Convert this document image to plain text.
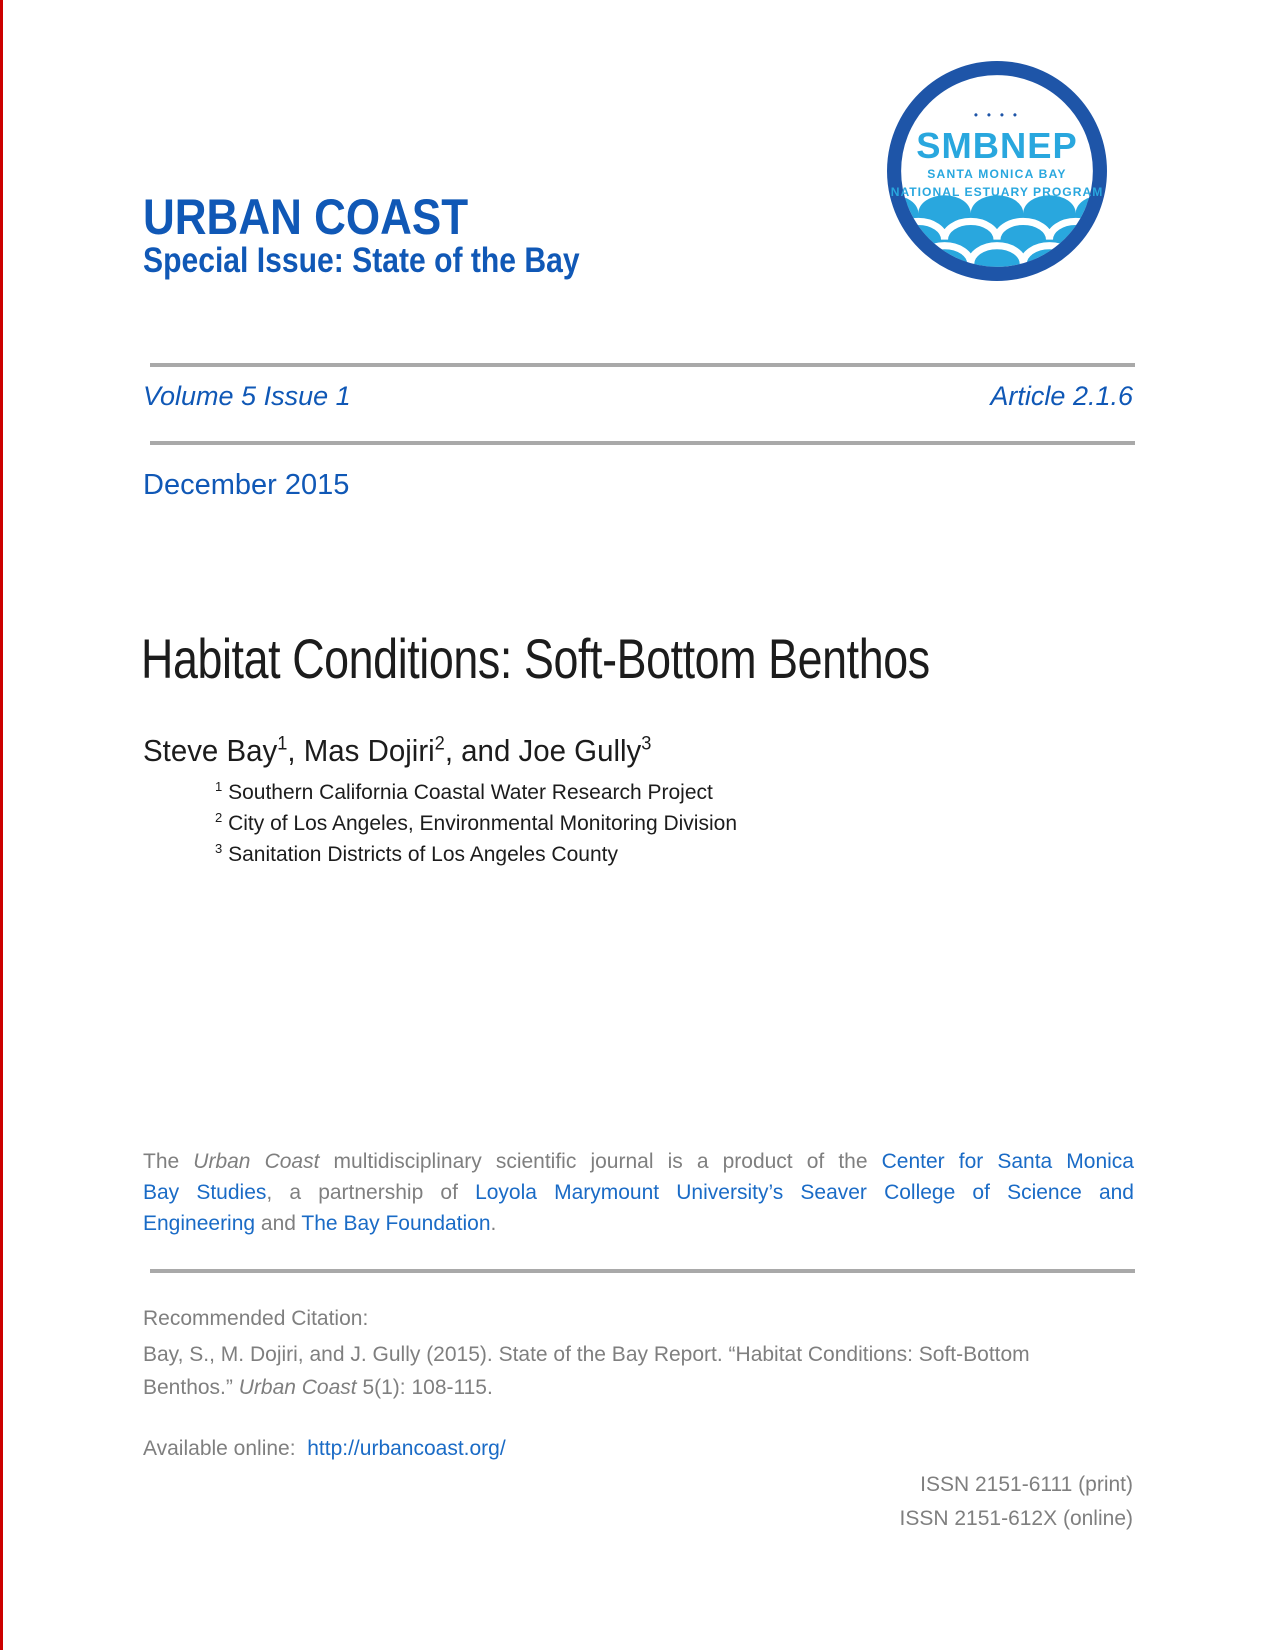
URBAN COAST
Special Issue: State of the Bay
• • • •
SMBNEP
SANTA MONICA BAY
NATIONAL ESTUARY PROGRAM
Volume 5 Issue 1	Article 2.1.6
December 2015
Habitat Conditions: Soft-Bottom Benthos
Steve Bay$^1$, Mas Dojiri$^2$, and Joe Gully$^3$
$^1$ Southern California Coastal Water Research Project
$^2$ City of Los Angeles, Environmental Monitoring Division
$^3$ Sanitation Districts of Los Angeles County
The Urban Coast multidisciplinary scientific journal is a product of the Center for Santa Monica
Bay Studies, a partnership of Loyola Marymount University’s Seaver College of Science and
Engineering and The Bay Foundation.
Recommended Citation:
Bay, S., M. Dojiri, and J. Gully (2015). State of the Bay Report. “Habitat Conditions: Soft-Bottom
Benthos.” Urban Coast 5(1): 108-115.
Available online:  http://urbancoast.org/
ISSN 2151-6111 (print)
ISSN 2151-612X (online)
